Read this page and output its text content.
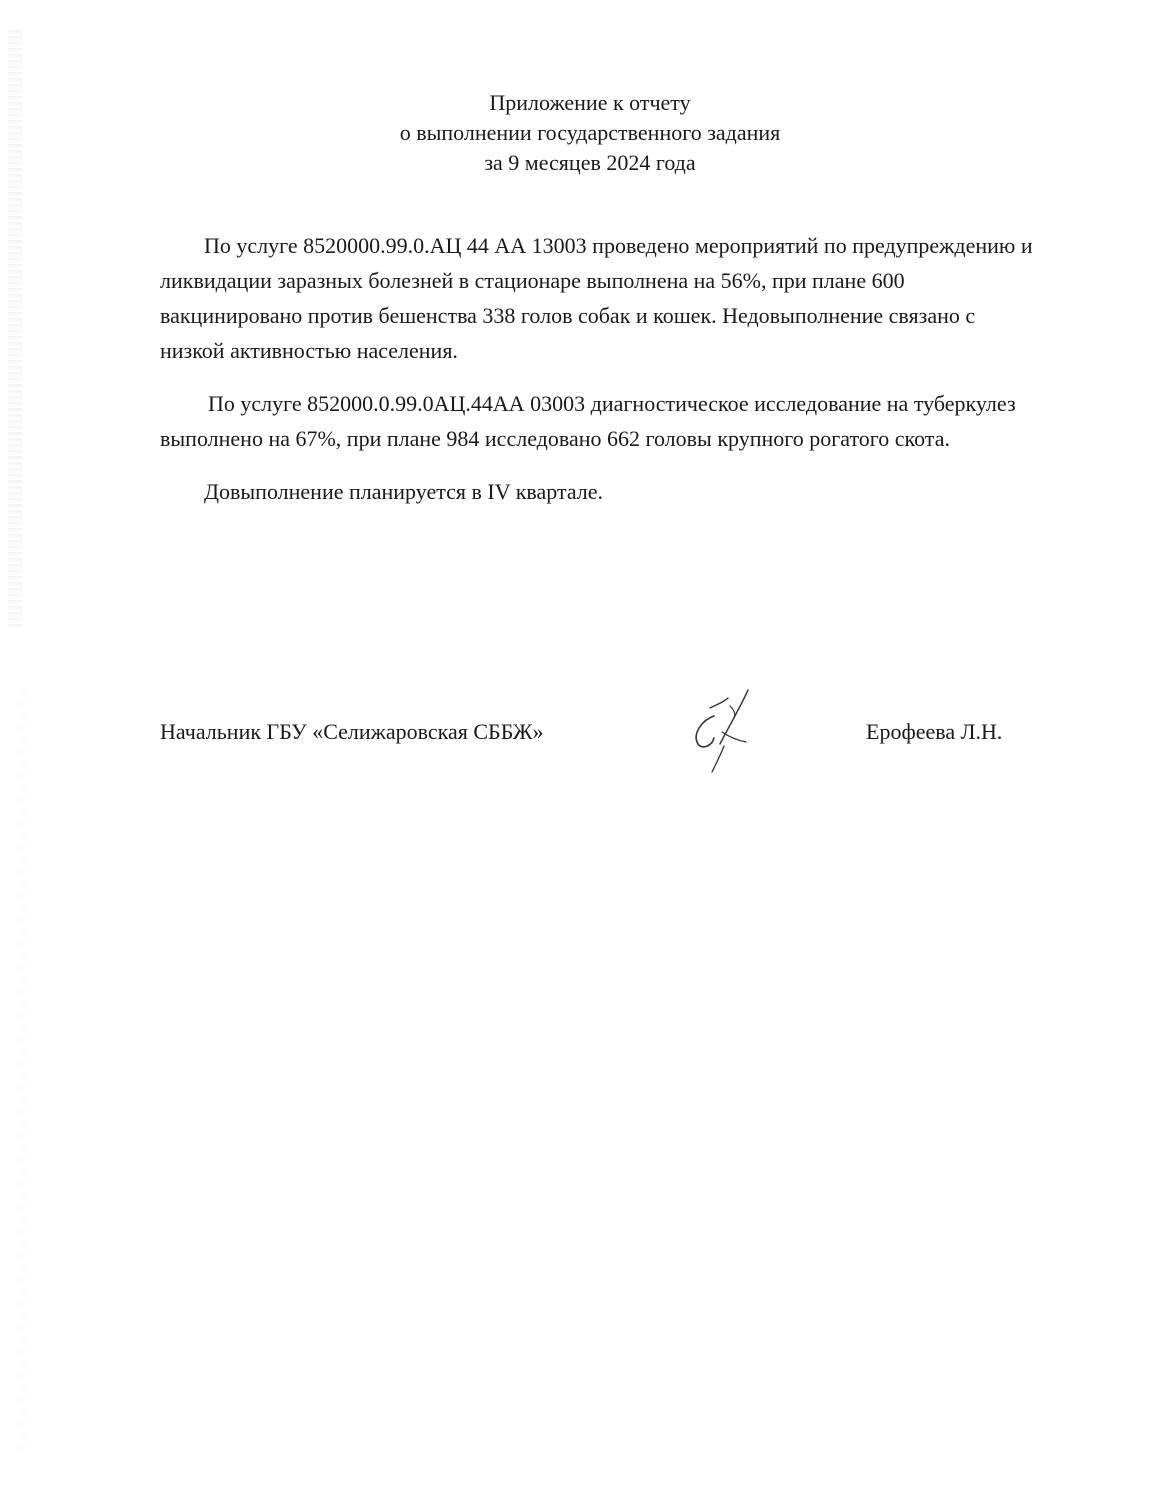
Приложение к отчету
о выполнении государственного задания
за 9 месяцев 2024 года

По услуге 8520000.99.0.АЦ 44 АА 13003 проведено мероприятий по предупреждению и ликвидации заразных болезней в стационаре выполнена на 56%, при плане 600 вакцинировано против бешенства 338 голов собак и кошек. Недовыполнение связано с низкой активностью населения.

По услуге 852000.0.99.0АЦ.44АА 03003 диагностическое исследование на туберкулез выполнено на 67%, при плане 984 исследовано 662 головы крупного рогатого скота.

Довыполнение планируется в IV квартале.

Начальник ГБУ «Селижаровская СББЖ»	Ерофеева Л.Н.
